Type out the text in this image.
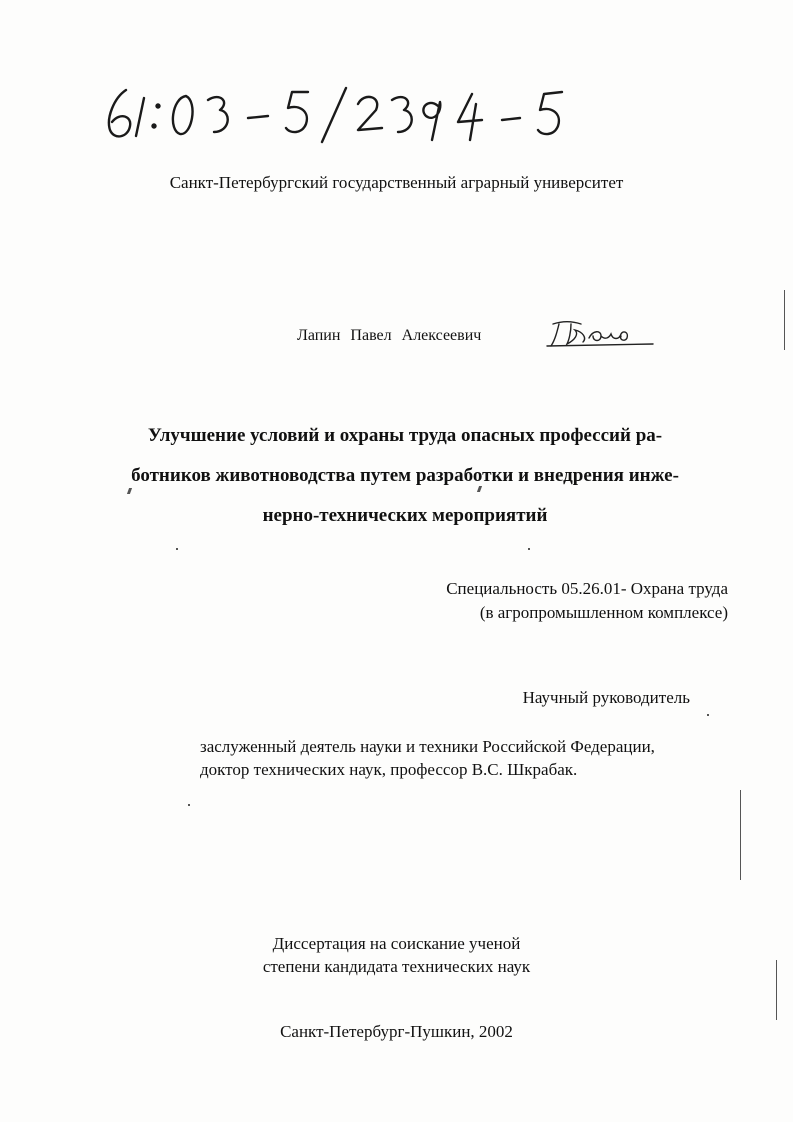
Санкт-Петербургский государственный аграрный университет
Лапин Павел Алексеевич
Улучшение условий и охраны труда опасных профессий ра-
ботников животноводства путем разработки и внедрения инже-
нерно-технических мероприятий
Специальность 05.26.01- Охрана труда
(в агропромышленном комплексе)
Научный руководитель
заслуженный деятель науки и техники Российской Федерации,
доктор технических наук, профессор В.С. Шкрабак.
Диссертация на соискание ученой
степени кандидата технических наук
Санкт-Петербург-Пушкин, 2002
